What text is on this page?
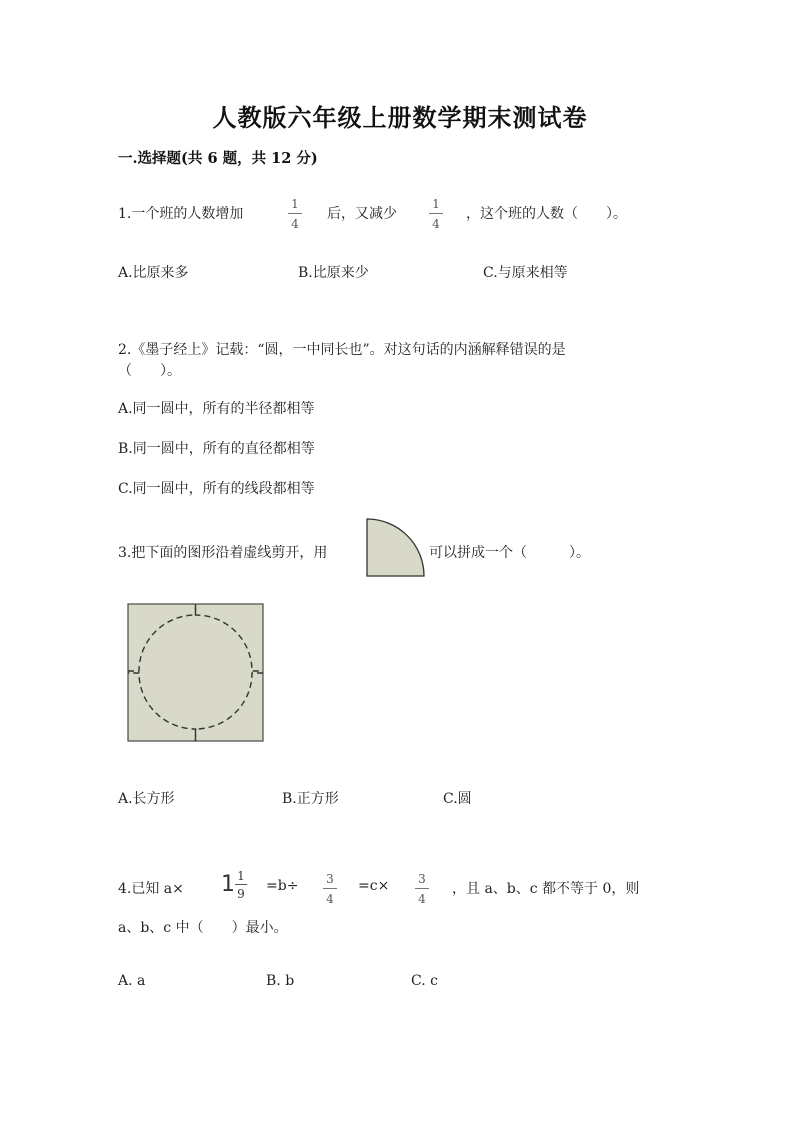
人教版六年级上册数学期末测试卷
一.选择题(共 6 题，共 12 分)
1.一个班的人数增加
1
4
后，又减少
1
4
，这个班的人数（　　）。
A.比原来多	B.比原来少	C.与原来相等
2.《墨子经上》记载：“圆，一中同长也”。对这句话的内涵解释错误的是
（　　）。
A.同一圆中，所有的半径都相等
B.同一圆中，所有的直径都相等
C.同一圆中，所有的线段都相等
3.把下面的图形沿着虚线剪开，用	可以拼成一个（　　　）。
A.长方形	B.正方形	C.圆
4.已知 a× 1 1
9 =b÷	3
4
=c×	3
4
，且 a、b、c 都不等于 0，则
a、b、c 中（　　）最小。
A. a	B. b	C. c
